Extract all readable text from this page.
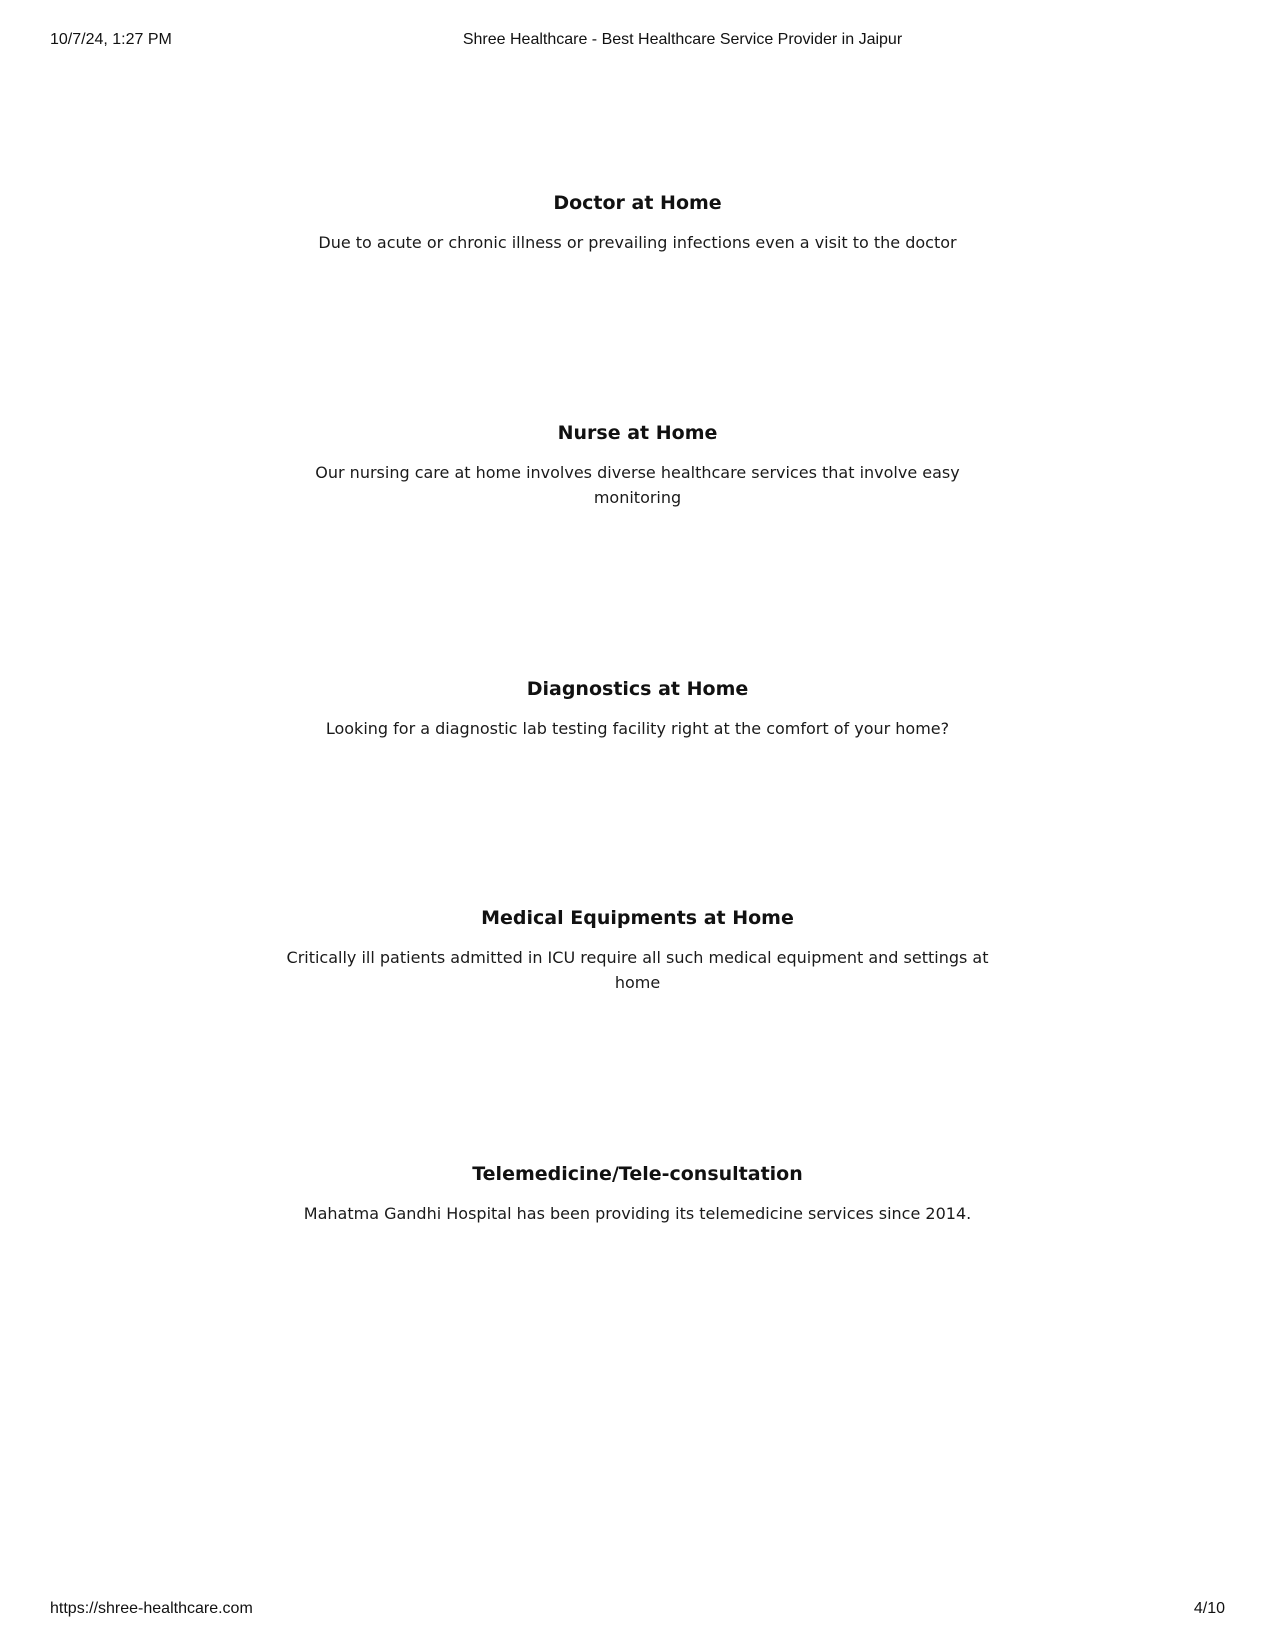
10/7/24, 1:27 PM	Shree Healthcare - Best Healthcare Service Provider in Jaipur
Doctor at Home

Due to acute or chronic illness or prevailing infections even a visit to the doctor

Nurse at Home

Our nursing care at home involves diverse healthcare services that involve easy monitoring

Diagnostics at Home

Looking for a diagnostic lab testing facility right at the comfort of your home?

Medical Equipments at Home

Critically ill patients admitted in ICU require all such medical equipment and settings at home

Telemedicine/Tele-consultation

Mahatma Gandhi Hospital has been providing its telemedicine services since 2014.

https://shree-healthcare.com	4/10
